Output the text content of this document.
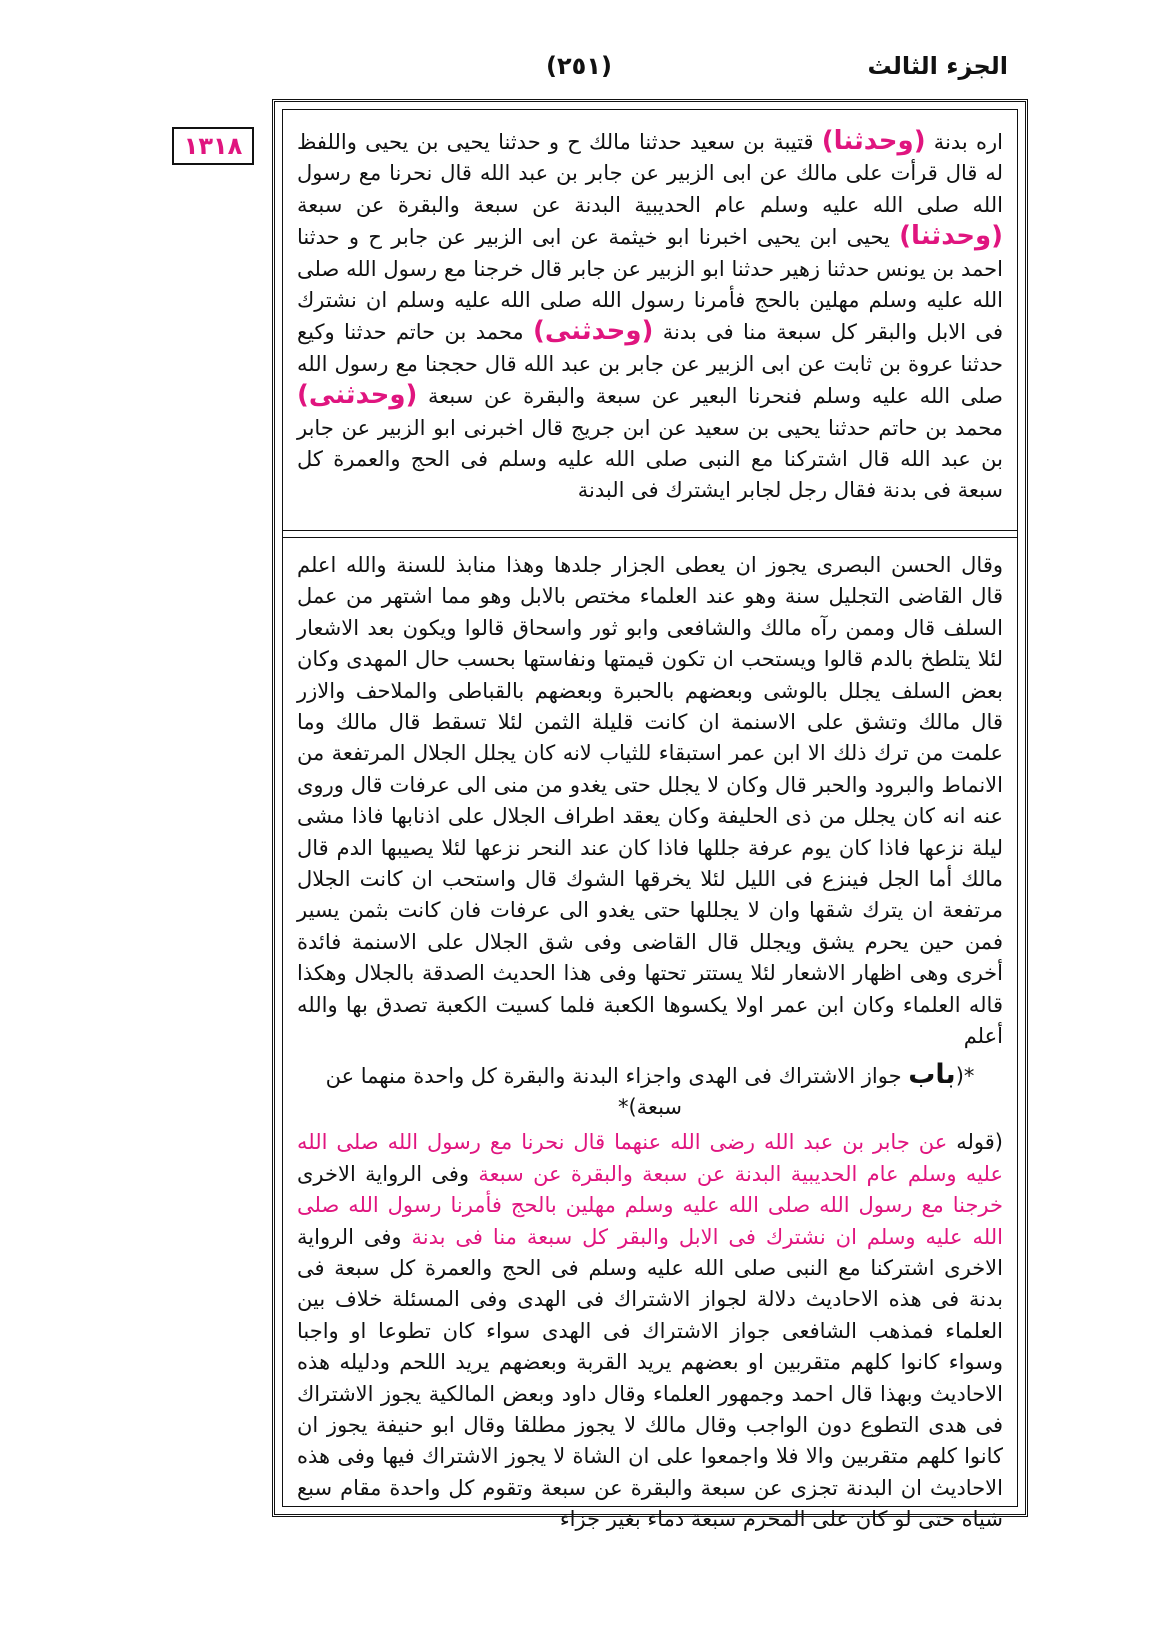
الجزء الثالث
(٢٥١)
١٣١٨	اره بدنة (وحدثنا) قتيبة بن سعيد حدثنا مالك ح و حدثنا يحيى بن يحيى واللفظ له قال قرأت على مالك عن ابى الزبير عن جابر بن عبد الله قال نحرنا مع رسول الله صلى الله عليه وسلم عام الحديبية البدنة عن سبعة والبقرة عن سبعة (وحدثنا) يحيى ابن يحيى اخبرنا ابو خيثمة عن ابى الزبير عن جابر ح و حدثنا احمد بن يونس حدثنا زهير حدثنا ابو الزبير عن جابر قال خرجنا مع رسول الله صلى الله عليه وسلم مهلين بالحج فأمرنا رسول الله صلى الله عليه وسلم ان نشترك فى الابل والبقر كل سبعة منا فى بدنة (وحدثنى) محمد بن حاتم حدثنا وكيع حدثنا عروة بن ثابت عن ابى الزبير عن جابر بن عبد الله قال حججنا مع رسول الله صلى الله عليه وسلم فنحرنا البعير عن سبعة والبقرة عن سبعة (وحدثنى) محمد بن حاتم حدثنا يحيى بن سعيد عن ابن جريج قال اخبرنى ابو الزبير عن جابر بن عبد الله قال اشتركنا مع النبى صلى الله عليه وسلم فى الحج والعمرة كل سبعة فى بدنة فقال رجل لجابر ايشترك فى البدنة
وقال الحسن البصرى يجوز ان يعطى الجزار جلدها وهذا منابذ للسنة والله اعلم قال القاضى التجليل سنة وهو عند العلماء مختص بالابل وهو مما اشتهر من عمل السلف قال وممن رآه مالك والشافعى وابو ثور واسحاق قالوا ويكون بعد الاشعار لئلا يتلطخ بالدم قالوا ويستحب ان تكون قيمتها ونفاستها بحسب حال المهدى وكان بعض السلف يجلل بالوشى وبعضهم بالحبرة وبعضهم بالقباطى والملاحف والازر قال مالك وتشق على الاسنمة ان كانت قليلة الثمن لئلا تسقط قال مالك وما علمت من ترك ذلك الا ابن عمر استبقاء للثياب لانه كان يجلل الجلال المرتفعة من الانماط والبرود والحبر قال وكان لا يجلل حتى يغدو من منى الى عرفات قال وروى عنه انه كان يجلل من ذى الحليفة وكان يعقد اطراف الجلال على اذنابها فاذا مشى ليلة نزعها فاذا كان يوم عرفة جللها فاذا كان عند النحر نزعها لئلا يصيبها الدم قال مالك أما الجل فينزع فى الليل لئلا يخرقها الشوك قال واستحب ان كانت الجلال مرتفعة ان يترك شقها وان لا يجللها حتى يغدو الى عرفات فان كانت بثمن يسير فمن حين يحرم يشق ويجلل قال القاضى وفى شق الجلال على الاسنمة فائدة أخرى وهى اظهار الاشعار لئلا يستتر تحتها وفى هذا الحديث الصدقة بالجلال وهكذا قاله العلماء وكان ابن عمر اولا يكسوها الكعبة فلما كسيت الكعبة تصدق بها والله أعلم
*(باب جواز الاشتراك فى الهدى واجزاء البدنة والبقرة كل واحدة منهما عن سبعة)*
(قوله عن جابر بن عبد الله رضى الله عنهما قال نحرنا مع رسول الله صلى الله عليه وسلم عام الحديبية البدنة عن سبعة والبقرة عن سبعة وفى الرواية الاخرى خرجنا مع رسول الله صلى الله عليه وسلم مهلين بالحج فأمرنا رسول الله صلى الله عليه وسلم ان نشترك فى الابل والبقر كل سبعة منا فى بدنة وفى الرواية الاخرى اشتركنا مع النبى صلى الله عليه وسلم فى الحج والعمرة كل سبعة فى بدنة فى هذه الاحاديث دلالة لجواز الاشتراك فى الهدى وفى المسئلة خلاف بين العلماء فمذهب الشافعى جواز الاشتراك فى الهدى سواء كان تطوعا او واجبا وسواء كانوا كلهم متقربين او بعضهم يريد القربة وبعضهم يريد اللحم ودليله هذه الاحاديث وبهذا قال احمد وجمهور العلماء وقال داود وبعض المالكية يجوز الاشتراك فى هدى التطوع دون الواجب وقال مالك لا يجوز مطلقا وقال ابو حنيفة يجوز ان كانوا كلهم متقربين والا فلا واجمعوا على ان الشاة لا يجوز الاشتراك فيها وفى هذه الاحاديث ان البدنة تجزى عن سبعة والبقرة عن سبعة وتقوم كل واحدة مقام سبع شياه حتى لو كان على المحرم سبعة دماء بغير جزاء
